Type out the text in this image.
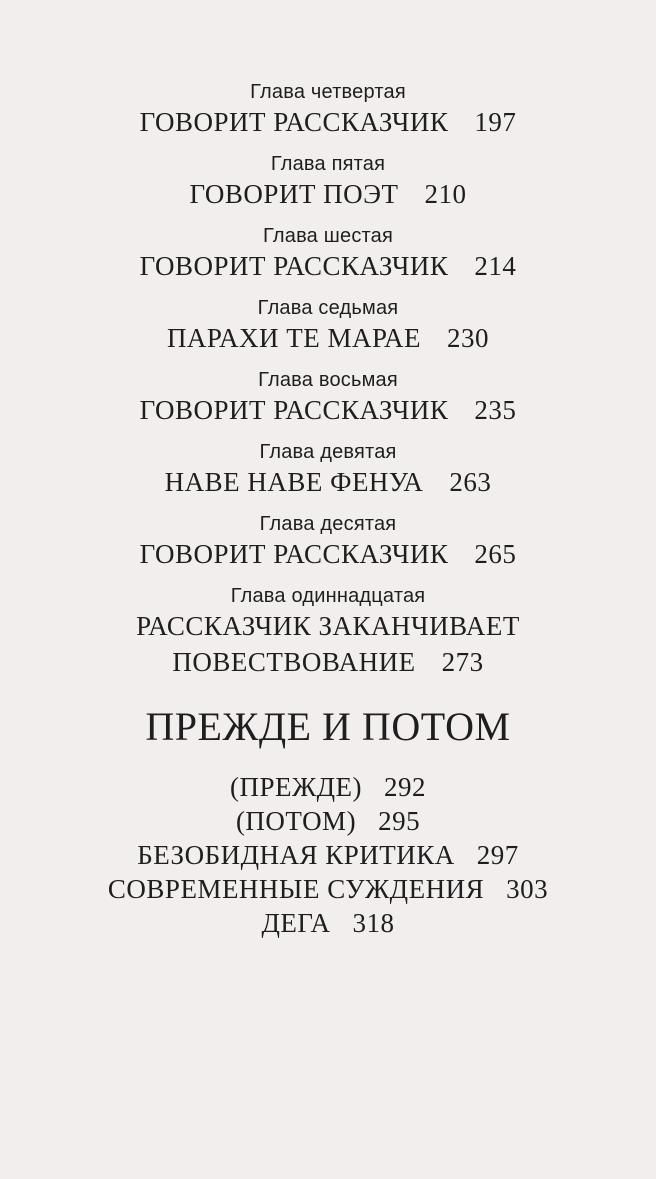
Глава четвертая
ГОВОРИТ РАССКАЗЧИК 197
Глава пятая
ГОВОРИТ ПОЭТ 210
Глава шестая
ГОВОРИТ РАССКАЗЧИК 214
Глава седьмая
ПАРАХИ ТЕ МАРАЕ 230
Глава восьмая
ГОВОРИТ РАССКАЗЧИК 235
Глава девятая
НАВЕ НАВЕ ФЕНУА 263
Глава десятая
ГОВОРИТ РАССКАЗЧИК 265
Глава одиннадцатая
РАССКАЗЧИК ЗАКАНЧИВАЕТ
ПОВЕСТВОВАНИЕ 273
ПРЕЖДЕ И ПОТОМ
(ПРЕЖДЕ) 292
(ПОТОМ) 295
БЕЗОБИДНАЯ КРИТИКА 297
СОВРЕМЕННЫЕ СУЖДЕНИЯ 303
ДЕГА 318
